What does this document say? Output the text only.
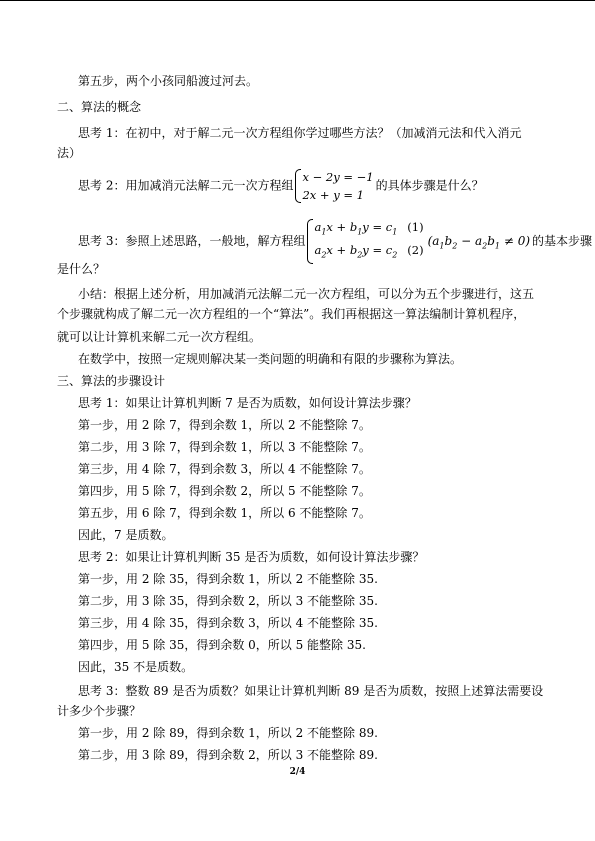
第五步，两个小孩同船渡过河去。
二、算法的概念
思考 1：在初中，对于解二元一次方程组你学过哪些方法？（加减消元法和代入消元
法）
思考 2：用加减消元法解二元一次方程组
x − 2y = −1
2x + y = 1
的具体步骤是什么？
思考 3：参照上述思路，一般地，解方程组
$a_1x + b_1y = c_1$ (1)
$a_2x + b_2y = c_2$ (2)
$(a_1b_2 - a_2b_1 \ne 0)$ 的基本步骤
是什么？
小结：根据上述分析，用加减消元法解二元一次方程组，可以分为五个步骤进行，这五
个步骤就构成了解二元一次方程组的一个“算法”。我们再根据这一算法编制计算机程序，
就可以让计算机来解二元一次方程组。
在数学中，按照一定规则解决某一类问题的明确和有限的步骤称为算法。
三、算法的步骤设计
思考 1：如果让计算机判断 7 是否为质数，如何设计算法步骤？
第一步，用 2 除 7，得到余数 1，所以 2 不能整除 7。
第二步，用 3 除 7，得到余数 1，所以 3 不能整除 7。
第三步，用 4 除 7，得到余数 3，所以 4 不能整除 7。
第四步，用 5 除 7，得到余数 2，所以 5 不能整除 7。
第五步，用 6 除 7，得到余数 1，所以 6 不能整除 7。
因此，7 是质数。
思考 2：如果让计算机判断 35 是否为质数，如何设计算法步骤？
第一步，用 2 除 35，得到余数 1，所以 2 不能整除 35.
第二步，用 3 除 35，得到余数 2，所以 3 不能整除 35.
第三步，用 4 除 35，得到余数 3，所以 4 不能整除 35.
第四步，用 5 除 35，得到余数 0，所以 5 能整除 35.
因此，35 不是质数。
思考 3：整数 89 是否为质数？如果让计算机判断 89 是否为质数，按照上述算法需要设
计多少个步骤？
第一步，用 2 除 89，得到余数 1，所以 2 不能整除 89.
第二步，用 3 除 89，得到余数 2，所以 3 不能整除 89.
2/4
